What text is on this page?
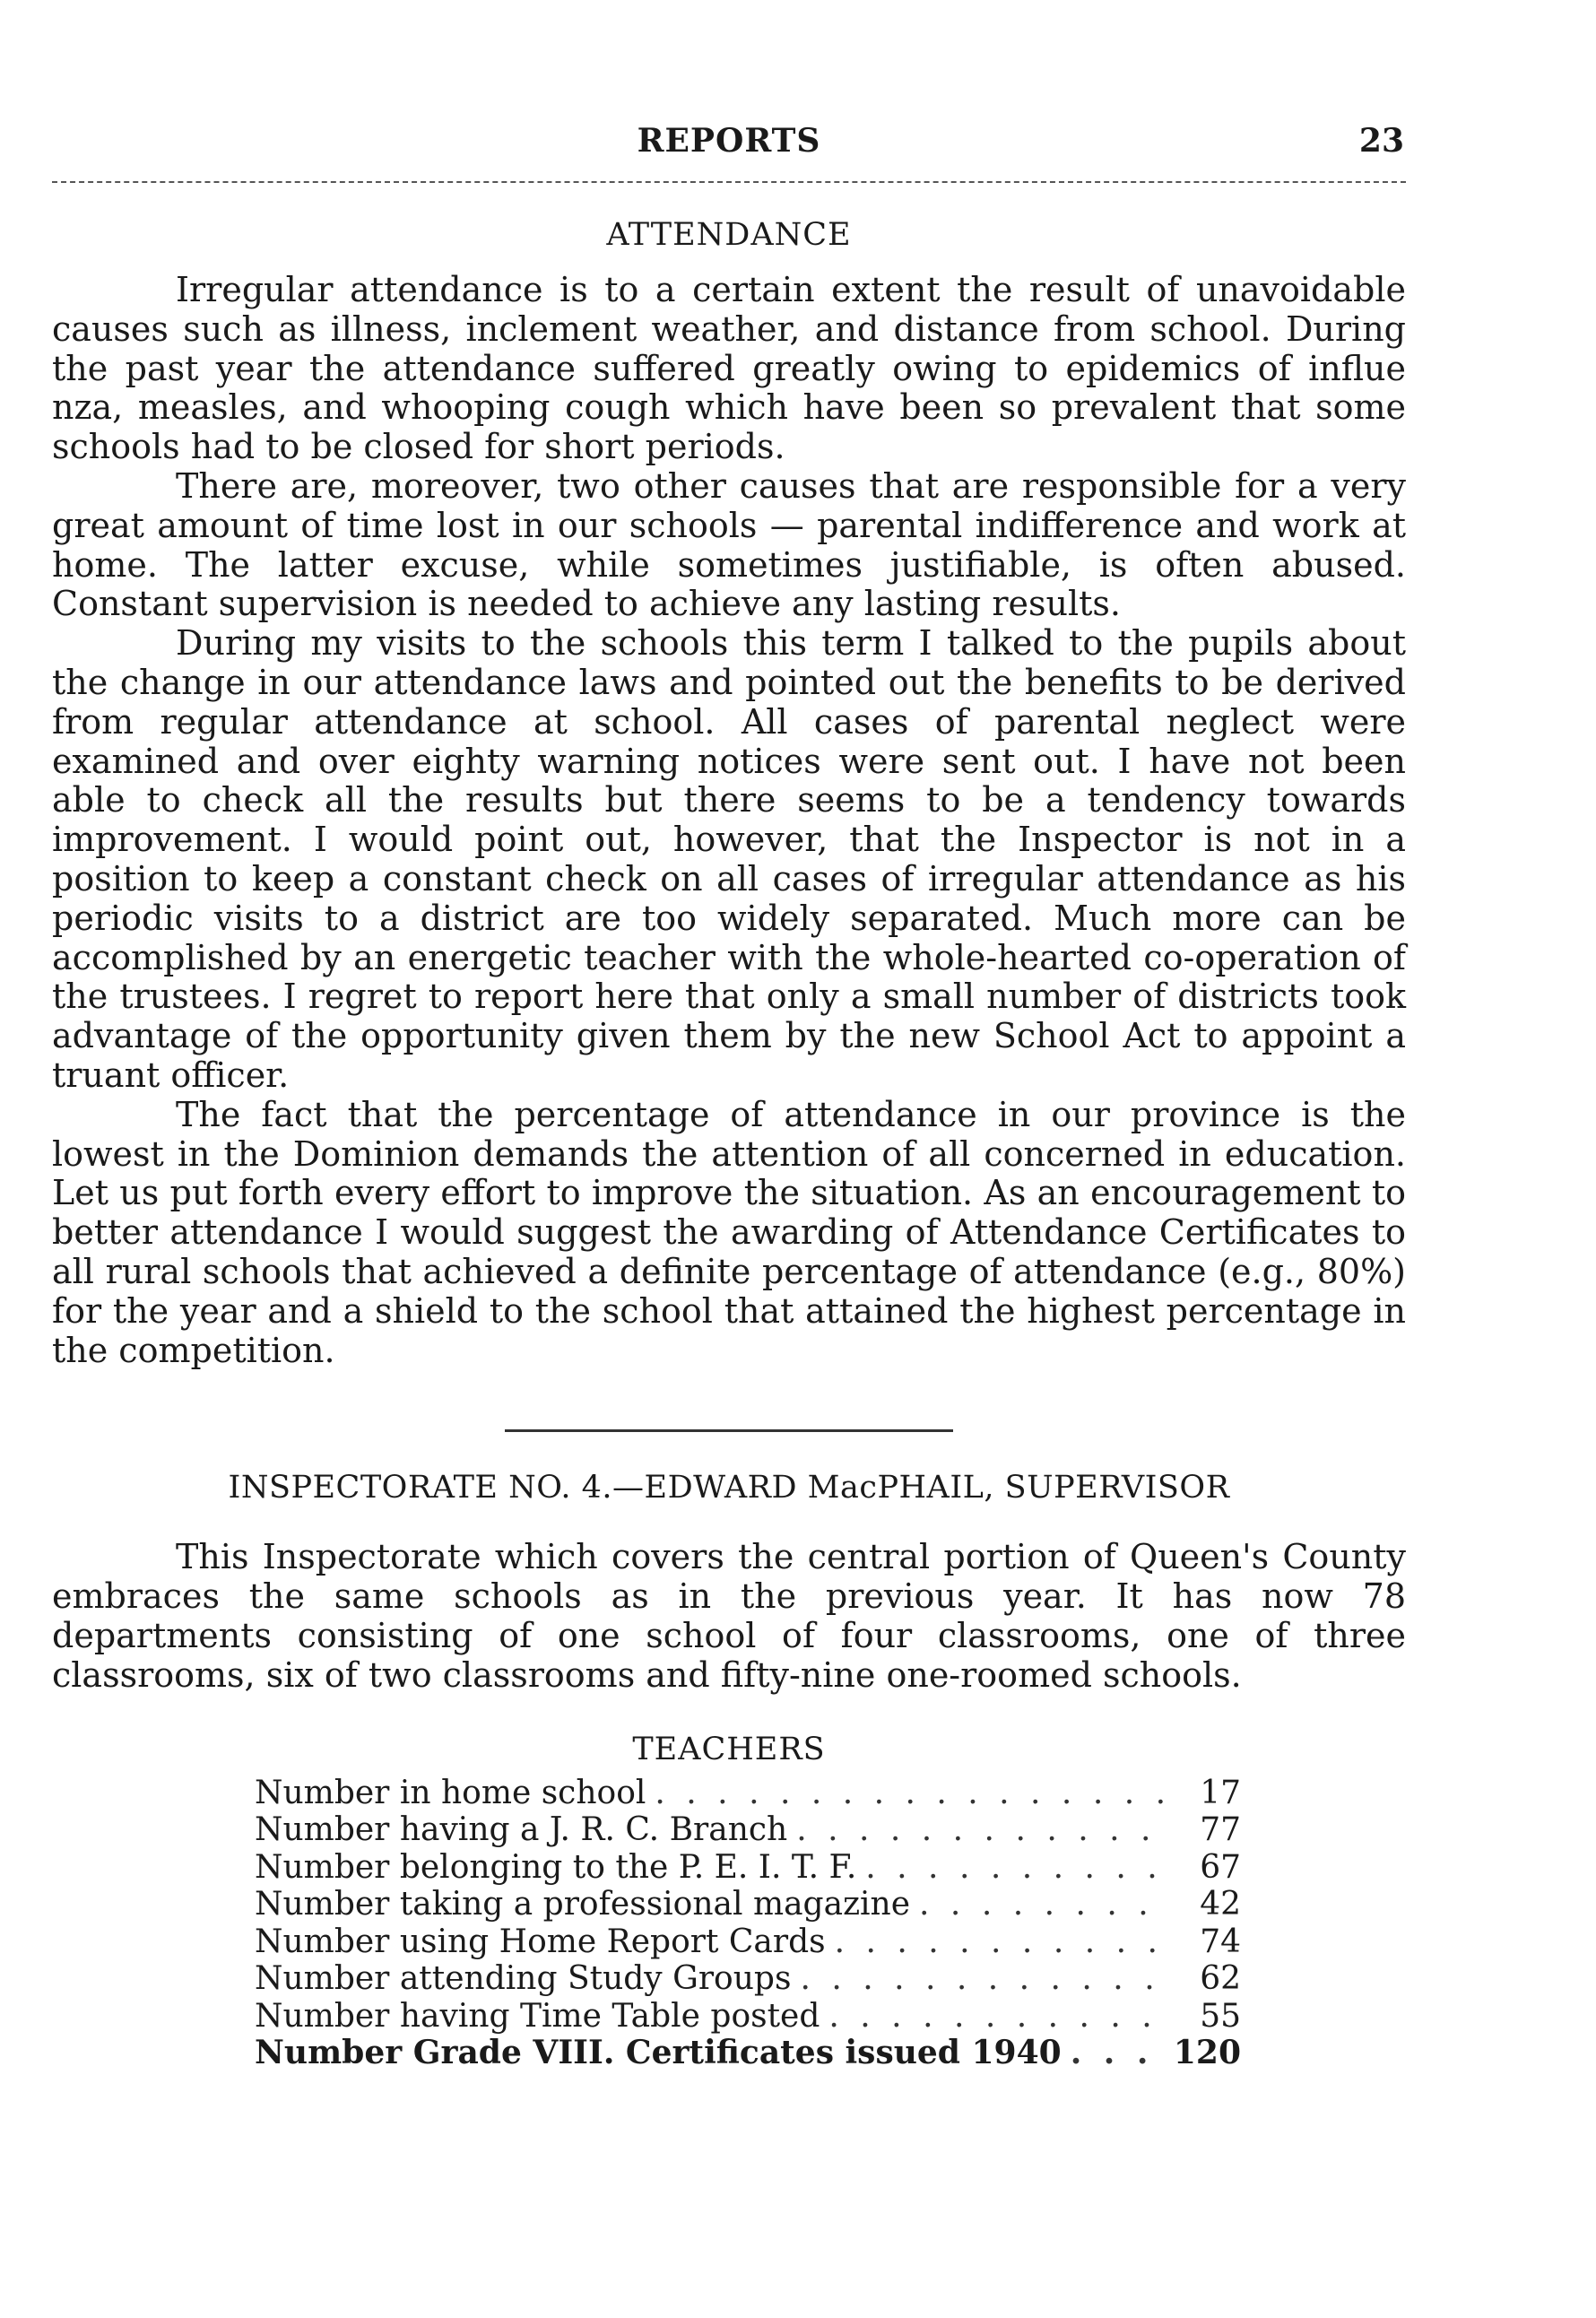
REPORTS	23
ATTENDANCE

Irregular attendance is to a certain extent the result of unavoidable causes such as illness, inclement weather, and distance from school. During the past year the attendance suffered greatly owing to epidemics of influe nza, measles, and whooping cough which have been so prevalent that some schools had to be closed for short periods.

There are, moreover, two other causes that are responsible for a very great amount of time lost in our schools — parental indifference and work at home. The latter excuse, while sometimes justifiable, is often abused. Constant supervision is needed to achieve any lasting results.

During my visits to the schools this term I talked to the pupils about the change in our attendance laws and pointed out the benefits to be derived from regular attendance at school. All cases of parental neglect were examined and over eighty warning notices were sent out. I have not been able to check all the results but there seems to be a tendency towards improvement. I would point out, however, that the Inspector is not in a position to keep a constant check on all cases of irregular attendance as his periodic visits to a district are too widely separated. Much more can be accomplished by an energetic teacher with the whole-hearted co-operation of the trustees. I regret to report here that only a small number of districts took advantage of the opportunity given them by the new School Act to appoint a truant officer.

The fact that the percentage of attendance in our province is the lowest in the Dominion demands the attention of all concerned in education. Let us put forth every effort to improve the situation. As an encouragement to better attendance I would suggest the awarding of Attendance Certificates to all rural schools that achieved a definite percentage of attendance (e.g., 80%) for the year and a shield to the school that attained the highest percentage in the competition.

INSPECTORATE NO. 4.—EDWARD MacPHAIL, SUPERVISOR

This Inspectorate which covers the central portion of Queen's County embraces the same schools as in the previous year. It has now 78 departments consisting of one school of four classrooms, one of three classrooms, six of two classrooms and fifty-nine one-roomed schools.

TEACHERS
Number in home school . . .	17
Number having a J. R. C. Branch . . .	77
Number belonging to the P. E. I. T. F. . . .	67
Number taking a professional magazine . . .	42
Number using Home Report Cards . . .	74
Number attending Study Groups . . .	62
Number having Time Table posted . . .	55
Number Grade VIII. Certificates issued 1940 . . .	120
